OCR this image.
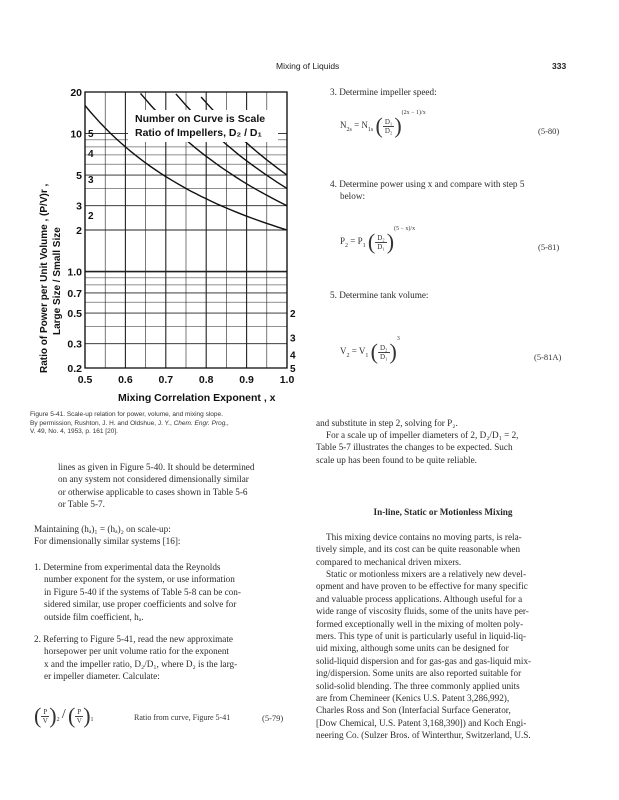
Mixing of Liquids	333
2
2
3
3
4
4
5
5
0.5 0.6 0.7 0.8 0.9 1.0
0.2
0.3
0.5
0.7
1.0
2
3
5
10
20
Number on Curve is Scale
Ratio of Impellers, D₂ / D₁
Ratio of Power per Unit Volume , (P/V)r , Large Size / Small Size
Mixing Correlation Exponent , x
Figure 5-41. Scale-up relation for power, volume, and mixing slope.
By permission, Rushton, J. H. and Oldshue, J. Y., Chem. Engr. Prog.,
V. 49, No. 4, 1953, p. 161 [20].
lines as given in Figure 5-40. It should be determined
on any system not considered dimensionally similar
or otherwise applicable to cases shown in Table 5-6
or Table 5-7.
Maintaining (hₐ)₁ = (hₐ)₂ on scale-up:
For dimensionally similar systems [16]:
1. Determine from experimental data the Reynolds
number exponent for the system, or use information
in Figure 5-40 if the systems of Table 5-8 can be con-
sidered similar, use proper coefficients and solve for
outside film coefficient, hₐ.
2. Referring to Figure 5-41, read the new approximate
horsepower per unit volume ratio for the exponent
x and the impeller ratio, D₂/D₁, where D₂ is the larg-
er impeller diameter. Calculate:
( $\frac{P}{V})_2$ / ( $\frac{P}{V})_1$	Ratio from curve, Figure 5-41	(5-79)
3. Determine impeller speed:
$N_{2s} = N_{1s}$ ( $\frac{\text{D₁}}{\text{D₂}})^{(2x - 1)/x}$
(5-80)
4. Determine power using x and compare with step 5
below:
$P_2 = P_1$ ( $\frac{\text{D₂}}{\text{D₁}})^{(5 - x)/x}$
(5-81)
5. Determine tank volume:
$V_2 = V_1$ ( $\frac{\text{D₂}}{\text{D₁}})^3$
(5-81A)
and substitute in step 2, solving for P₂.
For a scale up of impeller diameters of 2, D₂/D₁ = 2,
Table 5-7 illustrates the changes to be expected. Such
scale up has been found to be quite reliable.
In-line, Static or Motionless Mixing
This mixing device contains no moving parts, is rela-
tively simple, and its cost can be quite reasonable when
compared to mechanical driven mixers.
Static or motionless mixers are a relatively new devel-
opment and have proven to be effective for many specific
and valuable process applications. Although useful for a
wide range of viscosity fluids, some of the units have per-
formed exceptionally well in the mixing of molten poly-
mers. This type of unit is particularly useful in liquid-liq-
uid mixing, although some units can be designed for
solid-liquid dispersion and for gas-gas and gas-liquid mix-
ing/dispersion. Some units are also reported suitable for
solid-solid blending. The three commonly applied units
are from Chemineer (Kenics U.S. Patent 3,286,992),
Charles Ross and Son (Interfacial Surface Generator,
[Dow Chemical, U.S. Patent 3,168,390]) and Koch Engi-
neering Co. (Sulzer Bros. of Winterthur, Switzerland, U.S.
